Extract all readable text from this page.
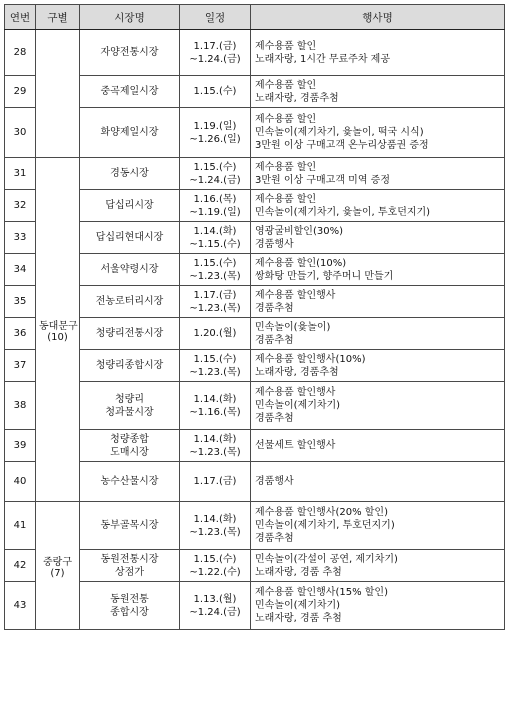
연번	구별	시장명	일정	행사명
28		자양전통시장	1.17.(금)
~1.24.(금)	제수용품 할인
노래자랑, 1시간 무료주차 제공

29		중곡제일시장	1.15.(수)	제수용품 할인
노래자랑, 경품추첨

30		화양제일시장	1.19.(일)
~1.26.(일)	제수용품 할인
민속놀이(제기차기, 윷놀이, 떡국 시식)
3만원 이상 구매고객 온누리상품권 증정

31	동대문구
(10)	경동시장	1.15.(수)
~1.24.(금)	제수용품 할인
3만원 이상 구매고객 미역 증정

32		답십리시장	1.16.(목)
~1.19.(일)	제수용품 할인
민속놀이(제기차기, 윷놀이, 투호던지기)

33		답십리현대시장	1.14.(화)
~1.15.(수)	영광굴비할인(30%)
경품행사

34		서울약령시장	1.15.(수)
~1.23.(목)	제수용품 할인(10%)
쌍화탕 만들기, 향주머니 만들기

35		전농로터리시장	1.17.(금)
~1.23.(목)	제수용품 할인행사
경품추첨

36		청량리전통시장	1.20.(월)	민속놀이(윷놀이)
경품추첨

37		청량리종합시장	1.15.(수)
~1.23.(목)	제수용품 할인행사(10%)
노래자랑, 경품추첨

38		청량리
청과물시장	1.14.(화)
~1.16.(목)	제수용품 할인행사
민속놀이(제기차기)
경품추첨

39		청량종합
도매시장	1.14.(화)
~1.23.(목)	선물세트 할인행사

40		농수산물시장	1.17.(금)	경품행사

41	중랑구
(7)	동부골목시장	1.14.(화)
~1.23.(목)	제수용품 할인행사(20% 할인)
민속놀이(제기차기, 투호던지기)
경품추첨

42		동원전통시장
상점가	1.15.(수)
~1.22.(수)	민속놀이(각설이 공연, 제기차기)
노래자랑, 경품 추첨

43		동원전통
종합시장	1.13.(월)
~1.24.(금)	제수용품 할인행사(15% 할인)
민속놀이(제기차기)
노래자랑, 경품 추첨
